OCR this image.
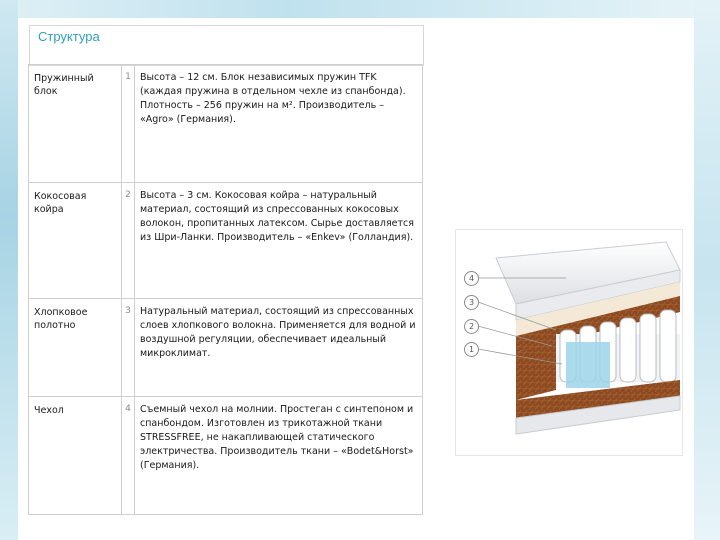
Структура
Пружинный блок	1	Высота – 12 см. Блок независимых пружин TFK (каждая пружина в отдельном чехле из спанбонда). Плотность – 256 пружин на м². Производитель – «Agro» (Германия).
Кокосовая койра	2	Высота – 3 см. Кокосовая койра – натуральный материал, состоящий из спрессованных кокосовых волокон, пропитанных латексом. Сырье доставляется из Шри-Ланки. Производитель – «Enkev» (Голландия).
Хлопковое полотно	3	Натуральный материал, состоящий из спрессованных слоев хлопкового волокна. Применяется для водной и воздушной регуляции, обеспечивает идеальный микроклимат.
Чехол	4	Съемный чехол на молнии. Простеган с синтепоном и спанбондом. Изготовлен из трикотажной ткани STRESSFREE, не накапливающей статического электричества. Производитель ткани – «Bodet&Horst» (Германия).
4
3
2
1
